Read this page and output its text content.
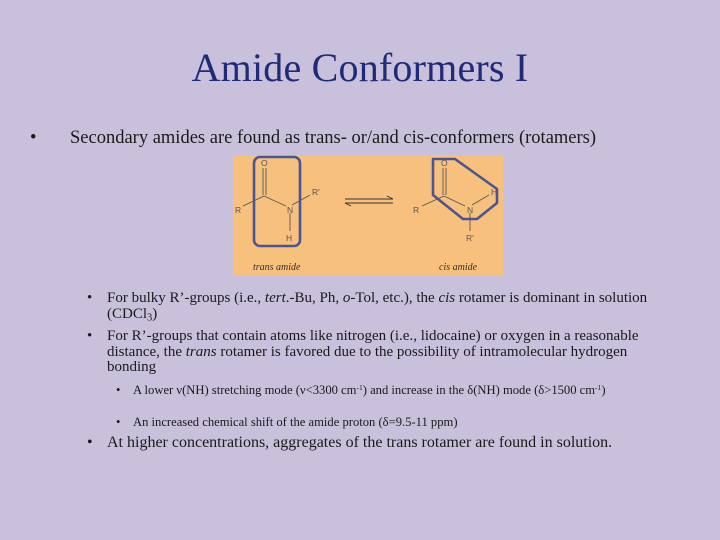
Amide Conformers I
• Secondary amides are found as trans- or/and cis-conformers (rotamers)
O
R	N
R'
H
O
R	N
H
R'
trans amide	cis amide
• For bulky R’-groups (i.e., tert.-Bu, Ph, o-Tol, etc.), the cis rotamer is dominant in solution (CDCl$_3$)
• For R’-groups that contain atoms like nitrogen (i.e., lidocaine) or oxygen in a reasonable distance, the trans rotamer is favored due to the possibility of intramolecular hydrogen bonding
• A lower ν(NH) stretching mode (ν<3300 $cm^{-1}$) and increase in the δ(NH) mode (δ>1500 $cm^{-1}$)
• An increased chemical shift of the amide proton (δ=9.5-11 ppm)
• At higher concentrations, aggregates of the trans rotamer are found in solution.
